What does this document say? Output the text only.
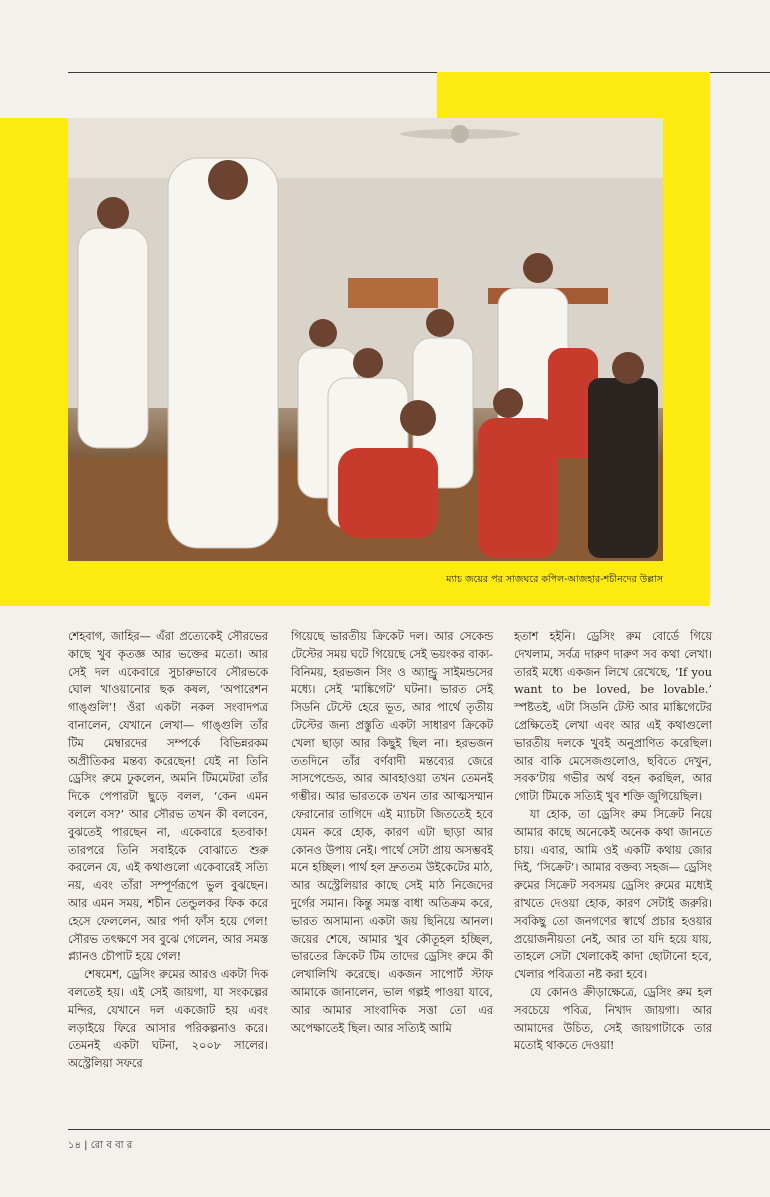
ম্যাচ জয়ের পর সাজঘরে কপিল-আজহার-শচীনদের উল্লাস

শেহবাগ, জাহির— এঁরা প্রত্যেকেই সৌরভের কাছে খুব কৃতজ্ঞ আর ভক্তের মতো। আর সেই দল একেবারে সুচারুভাবে সৌরভকে ঘোল খাওয়ানোর ছক কষল, ‘অপারেশন গাঙ্গুলি’! ওঁরা একটা নকল সংবাদপত্র বানালেন, যেখানে লেখা— গাঙ্গুলি তাঁর টিম মেম্বারদের সম্পর্কে বিভিন্নরকম অপ্রীতিকর মন্তব্য করেছেন! যেই না তিনি ড্রেসিং রুমে ঢুকলেন, অমনি টিমমেটরা তাঁর দিকে পেপারটা ছুড়ে বলল, ‘কেন এমন বললে বস?’ আর সৌরভ তখন কী বলবেন, বুঝতেই পারছেন না, একেবারে হতবাক! তারপরে তিনি সবাইকে বোঝাতে শুরু করলেন যে, এই কথাগুলো একেবারেই সত্যি নয়, এবং তাঁরা সম্পূর্ণরূপে ভুল বুঝছেন। আর এমন সময়, শচীন তেন্ডুলকর ফিক করে হেসে ফেললেন, আর পর্দা ফাঁস হয়ে গেল! সৌরভ তৎক্ষণে সব বুঝে গেলেন, আর সমস্ত প্ল্যানও চৌপাট হয়ে গেল!

শেষমেশ, ড্রেসিং রুমের আরও একটা দিক বলতেই হয়। এই সেই জায়গা, যা সংকল্পের মন্দির, যেখানে দল একজোট হয় এবং লড়াইয়ে ফিরে আসার পরিকল্পনাও করে। তেমনই একটা ঘটনা, ২০০৮ সালের। অস্ট্রেলিয়া সফরে

গিয়েছে ভারতীয় ক্রিকেট দল। আর সেকেন্ড টেস্টের সময় ঘটে গিয়েছে সেই ভয়ংকর বাক্য-বিনিময়, হরভজন সিং ও অ্যান্ড্রু সাইমন্ডসের মধ্যে। সেই ‘মাঙ্কিগেট’ ঘটনা। ভারত সেই সিডনি টেস্টে হেরে ভূত, আর পার্থে তৃতীয় টেস্টের জন্য প্রস্তুতি একটা সাধারণ ক্রিকেট খেলা ছাড়া আর কিছুই ছিল না। হরভজন ততদিনে তাঁর বর্ণবাদী মন্তব্যের জেরে সাসপেন্ডেড, আর আবহাওয়া তখন তেমনই গম্ভীর। আর ভারতকে তখন তার আত্মসম্মান ফেরানোর তাগিদে এই ম্যাচটা জিততেই হবে যেমন করে হোক, কারণ এটা ছাড়া আর কোনও উপায় নেই। পার্থে সেটা প্রায় অসম্ভবই মনে হচ্ছিল। পার্থ হল দ্রুততম উইকেটের মাঠ, আর অস্ট্রেলিয়ার কাছে সেই মাঠ নিজেদের দুর্গের সমান। কিন্তু সমস্ত বাধা অতিক্রম করে, ভারত অসামান্য একটা জয় ছিনিয়ে আনল। জয়ের শেষে, আমার খুব কৌতূহল হচ্ছিল, ভারতের ক্রিকেট টিম তাদের ড্রেসিং রুমে কী লেখালিখি করেছে। একজন সাপোর্ট স্টাফ আমাকে জানালেন, ভাল গল্পই পাওয়া যাবে, আর আমার সাংবাদিক সত্তা তো এর অপেক্ষাতেই ছিল। আর সত্যিই আমি

হতাশ হইনি। ড্রেসিং রুম বোর্ডে গিয়ে দেখলাম, সর্বত্র দারুণ দারুণ সব কথা লেখা। তারই মধ্যে একজন লিখে রেখেছে, ‘If you want to be loved, be lovable.’ স্পষ্টতই, এটা সিডনি টেস্ট আর মাঙ্কিগেটের প্রেক্ষিতেই লেখা এবং আর এই কথাগুলো ভারতীয় দলকে খুবই অনুপ্রাণিত করেছিল। আর বাকি মেসেজগুলোও, ছবিতে দেখুন, সবক’টায় গভীর অর্থ বহন করছিল, আর গোটা টিমকে সত্যিই খুব শক্তি জুগিয়েছিল।

যা হোক, তা ড্রেসিং রুম সিক্রেট নিয়ে আমার কাছে অনেকেই অনেক কথা জানতে চায়। এবার, আমি ওই একটি কথায় জোর দিই, ‘সিক্রেট’। আমার বক্তব্য সহজ— ড্রেসিং রুমের সিক্রেট সবসময় ড্রেসিং রুমের মধ্যেই রাখতে দেওয়া হোক, কারণ সেটাই জরুরি। সবকিছু তো জনগণের স্বার্থে প্রচার হওয়ার প্রয়োজনীয়তা নেই, আর তা যদি হয়ে যায়, তাহলে সেটা খেলাকেই কাদা ছোটানো হবে, খেলার পবিত্রতা নষ্ট করা হবে।

যে কোনও ক্রীড়াক্ষেত্রে, ড্রেসিং রুম হল সবচেয়ে পবিত্র, নিখাদ জায়গা। আর আমাদের উচিত, সেই জায়গাটাকে তার মতোই থাকতে দেওয়া!

১৪ | রো ব বা র
